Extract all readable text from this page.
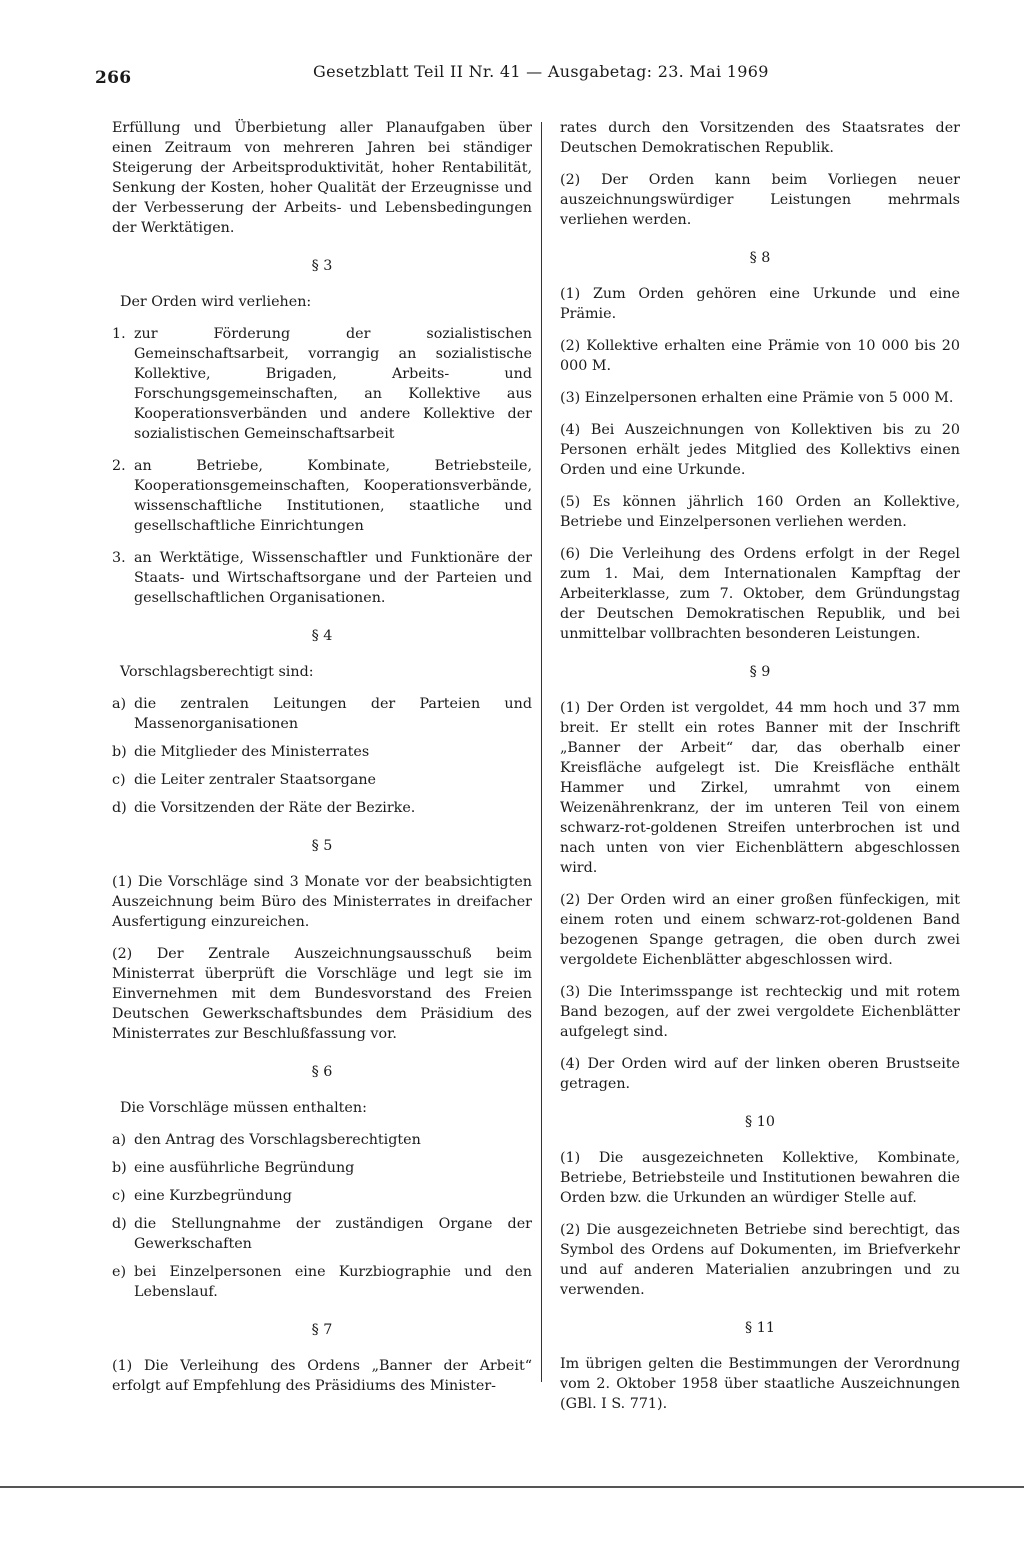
266	Gesetzblatt Teil II Nr. 41 — Ausgabetag: 23. Mai 1969

Erfüllung und Überbietung aller Planaufgaben über einen Zeitraum von mehreren Jahren bei ständiger Steigerung der Arbeitsproduktivität, hoher Rentabilität, Senkung der Kosten, hoher Qualität der Erzeugnisse und der Verbesserung der Arbeits- und Lebensbedingungen der Werktätigen.

§ 3

Der Orden wird verliehen:

1. zur Förderung der sozialistischen Gemeinschaftsarbeit, vorrangig an sozialistische Kollektive, Brigaden, Arbeits- und Forschungsgemeinschaften, an Kollektive aus Kooperationsverbänden und andere Kollektive der sozialistischen Gemeinschaftsarbeit
2. an Betriebe, Kombinate, Betriebsteile, Kooperationsgemeinschaften, Kooperationsverbände, wissenschaftliche Institutionen, staatliche und gesellschaftliche Einrichtungen
3. an Werktätige, Wissenschaftler und Funktionäre der Staats- und Wirtschaftsorgane und der Parteien und gesellschaftlichen Organisationen.
§ 4

Vorschlagsberechtigt sind:

a) die zentralen Leitungen der Parteien und Massenorganisationen
b) die Mitglieder des Ministerrates
c) die Leiter zentraler Staatsorgane
d) die Vorsitzenden der Räte der Bezirke.
§ 5

(1) Die Vorschläge sind 3 Monate vor der beabsichtigten Auszeichnung beim Büro des Ministerrates in dreifacher Ausfertigung einzureichen.

(2) Der Zentrale Auszeichnungsausschuß beim Ministerrat überprüft die Vorschläge und legt sie im Einvernehmen mit dem Bundesvorstand des Freien Deutschen Gewerkschaftsbundes dem Präsidium des Ministerrates zur Beschlußfassung vor.

§ 6

Die Vorschläge müssen enthalten:

a) den Antrag des Vorschlagsberechtigten
b) eine ausführliche Begründung
c) eine Kurzbegründung
d) die Stellungnahme der zuständigen Organe der Gewerkschaften
e) bei Einzelpersonen eine Kurzbiographie und den Lebenslauf.
§ 7

(1) Die Verleihung des Ordens „Banner der Arbeit“ erfolgt auf Empfehlung des Präsidiums des Minister-

rates durch den Vorsitzenden des Staatsrates der Deutschen Demokratischen Republik.

(2) Der Orden kann beim Vorliegen neuer auszeichnungswürdiger Leistungen mehrmals verliehen werden.

§ 8

(1) Zum Orden gehören eine Urkunde und eine Prämie.

(2) Kollektive erhalten eine Prämie von 10 000 bis 20 000 M.

(3) Einzelpersonen erhalten eine Prämie von 5 000 M.

(4) Bei Auszeichnungen von Kollektiven bis zu 20 Personen erhält jedes Mitglied des Kollektivs einen Orden und eine Urkunde.

(5) Es können jährlich 160 Orden an Kollektive, Betriebe und Einzelpersonen verliehen werden.

(6) Die Verleihung des Ordens erfolgt in der Regel zum 1. Mai, dem Internationalen Kampftag der Arbeiterklasse, zum 7. Oktober, dem Gründungstag der Deutschen Demokratischen Republik, und bei unmittelbar vollbrachten besonderen Leistungen.

§ 9

(1) Der Orden ist vergoldet, 44 mm hoch und 37 mm breit. Er stellt ein rotes Banner mit der Inschrift „Banner der Arbeit“ dar, das oberhalb einer Kreisfläche aufgelegt ist. Die Kreisfläche enthält Hammer und Zirkel, umrahmt von einem Weizenährenkranz, der im unteren Teil von einem schwarz-rot-goldenen Streifen unterbrochen ist und nach unten von vier Eichenblättern abgeschlossen wird.

(2) Der Orden wird an einer großen fünfeckigen, mit einem roten und einem schwarz-rot-goldenen Band bezogenen Spange getragen, die oben durch zwei vergoldete Eichenblätter abgeschlossen wird.

(3) Die Interimsspange ist rechteckig und mit rotem Band bezogen, auf der zwei vergoldete Eichenblätter aufgelegt sind.

(4) Der Orden wird auf der linken oberen Brustseite getragen.

§ 10

(1) Die ausgezeichneten Kollektive, Kombinate, Betriebe, Betriebsteile und Institutionen bewahren die Orden bzw. die Urkunden an würdiger Stelle auf.

(2) Die ausgezeichneten Betriebe sind berechtigt, das Symbol des Ordens auf Dokumenten, im Briefverkehr und auf anderen Materialien anzubringen und zu verwenden.

§ 11

Im übrigen gelten die Bestimmungen der Verordnung vom 2. Oktober 1958 über staatliche Auszeichnungen (GBl. I S. 771).
